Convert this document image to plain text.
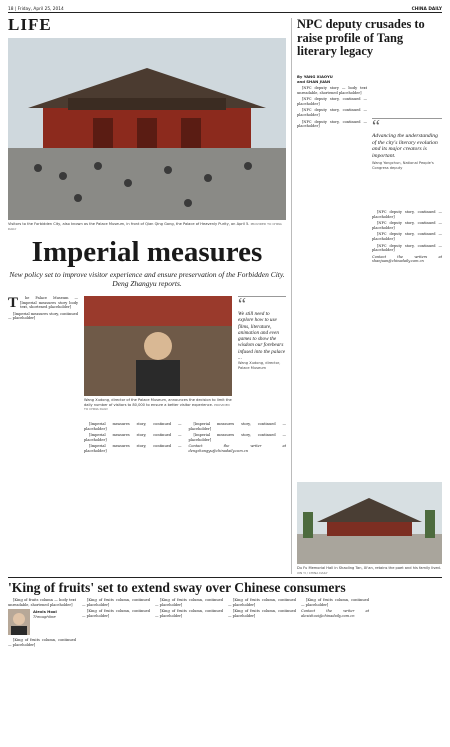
18 | Friday, April 25, 2014	CHINA DAILY
LIFE
Visitors to the Forbidden City, also known as the Palace Museum, in front of Qian Qing Gong, the Palace of Heavenly Purity, on April 5. PROVIDED TO CHINA DAILY
Imperial measures
New policy set to improve visitor experience and ensure preservation of the Forbidden City. Deng Zhangyu reports.
T	he Palace Museum — [Imperial measures story body text, shortened placeholder]

[Imperial measures story, continued — placeholder]

Wang Xudong, director of the Palace Museum, announces the decision to limit the daily number of visitors to 80,000 to ensure a better visitor experience. PROVIDED TO CHINA DAILY
“
We still need to explore how to use films, literature, animation and even games to show the wisdom our forebears infused into the palace ...
Wang Xudong, director, Palace Museum

[Imperial measures story, continued — placeholder]

[Imperial measures story, continued — placeholder]

[Imperial measures story, continued — placeholder]

[Imperial measures story, continued — placeholder]

[Imperial measures story, continued — placeholder]

Contact the writer at dengzhangyu@chinadaily.com.cn

NPC deputy crusades to raise profile of Tang literary legacy
By YANG XIAOYU
and SHAN JUAN

[NPC deputy story — body text unreadable, shortened placeholder]

[NPC deputy story, continued — placeholder]

[NPC deputy story, continued — placeholder]

[NPC deputy story, continued — placeholder]	“
Advancing the understanding of the city's literary evolution and its major creators is important.
Wang Yongchun, National People's Congress deputy

[NPC deputy story, continued — placeholder]

[NPC deputy story, continued — placeholder]

[NPC deputy story, continued — placeholder]

[NPC deputy story, continued — placeholder]

Contact the writers at shanjuan@chinadaily.com.cn

Du Fu Memorial Hall in Shaoling Tan, Xi'an, retains the poet and his family lived. XIN YI / CHINA DAILY
'King of fruits' set to extend sway over Chinese consumers

[King of fruits column — body text unreadable, shortened placeholder]

Alexis Hooi
Throughline

[King of fruits column, continued — placeholder]

[King of fruits column, continued — placeholder]

[King of fruits column, continued — placeholder]

[King of fruits column, continued — placeholder]

[King of fruits column, continued — placeholder]

[King of fruits column, continued — placeholder]

[King of fruits column, continued — placeholder]

[King of fruits column, continued — placeholder]

Contact the writer at alexishooi@chinadaily.com.cn
